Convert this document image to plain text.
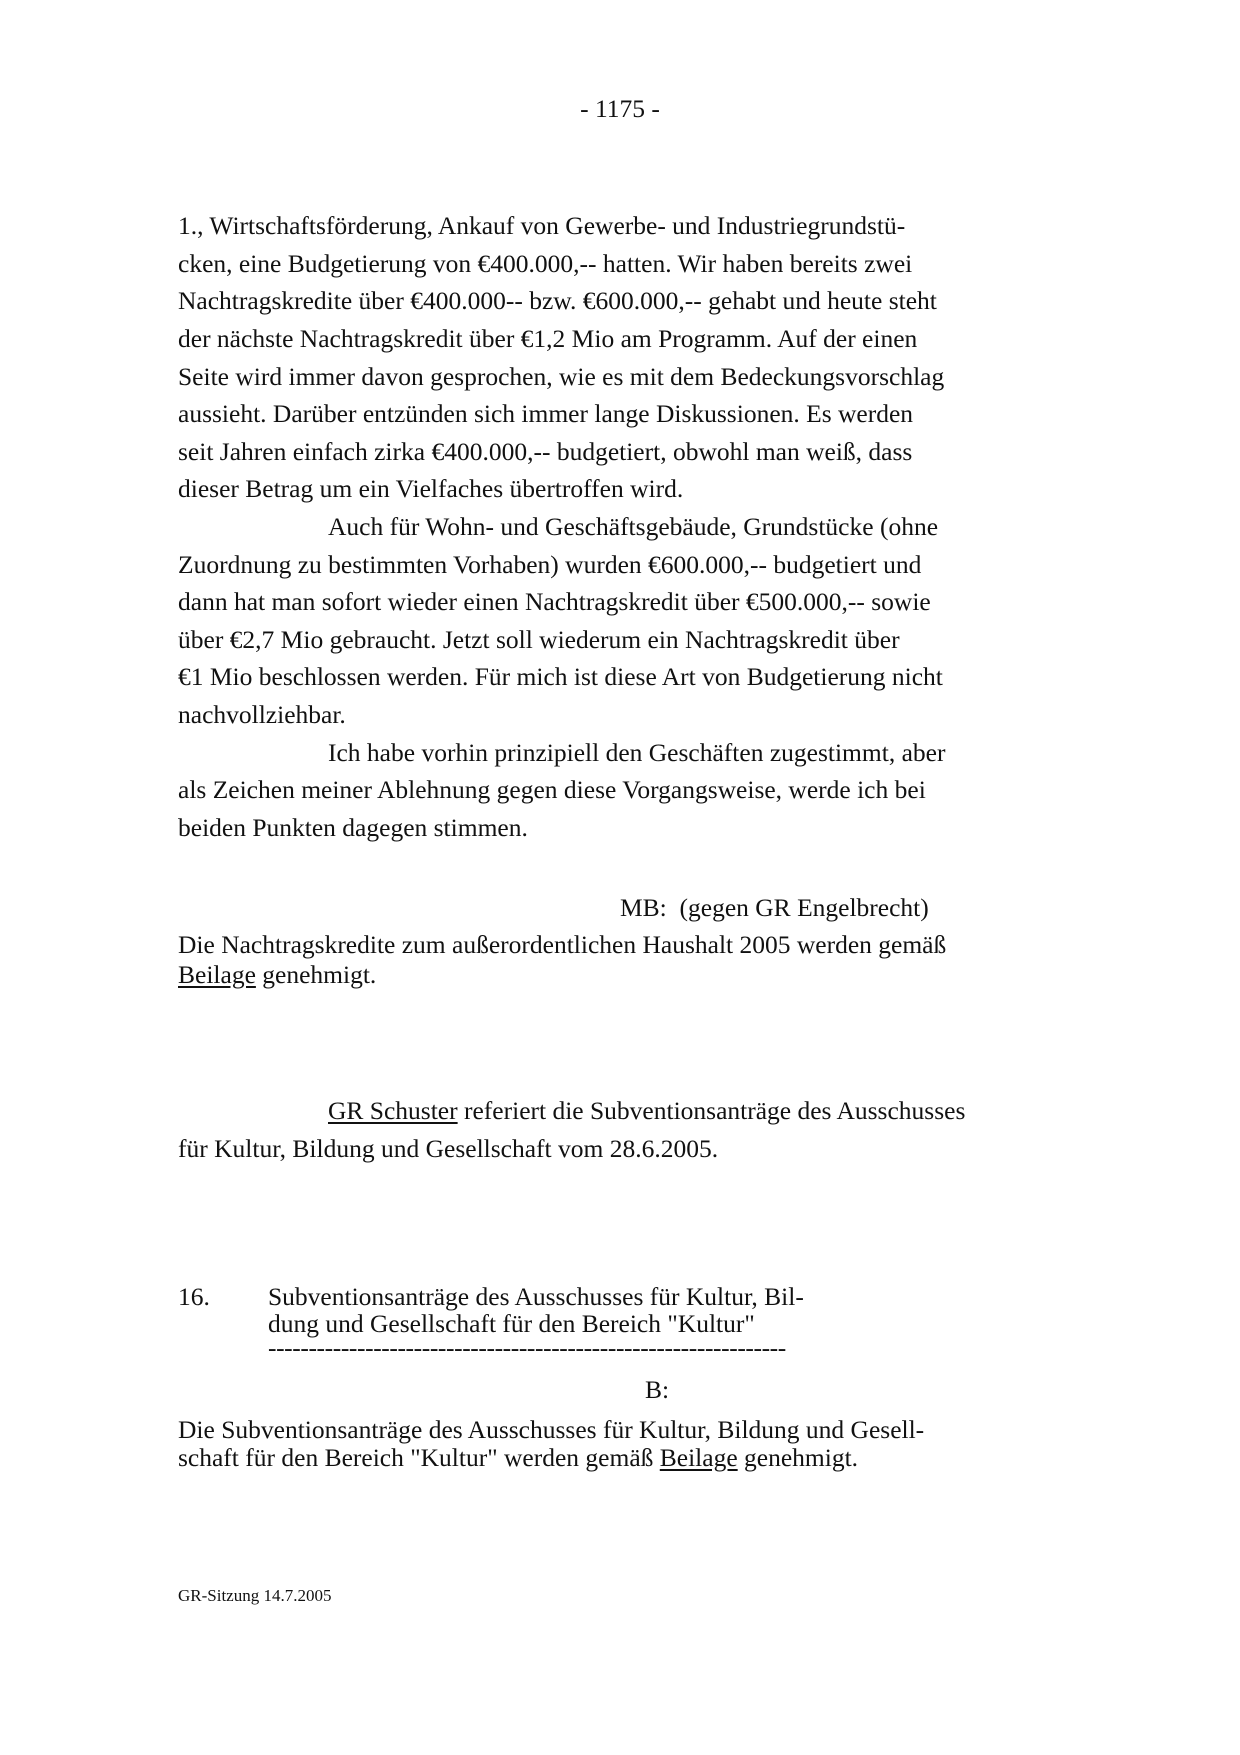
- 1175 -
1., Wirtschaftsförderung, Ankauf von Gewerbe- und Industriegrundstü-
cken, eine Budgetierung von €400.000,-- hatten. Wir haben bereits zwei
Nachtragskredite über €400.000-- bzw. €600.000,-- gehabt und heute steht
der nächste Nachtragskredit über €1,2 Mio am Programm. Auf der einen
Seite wird immer davon gesprochen, wie es mit dem Bedeckungsvorschlag
aussieht. Darüber entzünden sich immer lange Diskussionen. Es werden
seit Jahren einfach zirka €400.000,-- budgetiert, obwohl man weiß, dass
dieser Betrag um ein Vielfaches übertroffen wird.
Auch für Wohn- und Geschäftsgebäude, Grundstücke (ohne
Zuordnung zu bestimmten Vorhaben) wurden €600.000,-- budgetiert und
dann hat man sofort wieder einen Nachtragskredit über €500.000,-- sowie
über €2,7 Mio gebraucht. Jetzt soll wiederum ein Nachtragskredit über
€1 Mio beschlossen werden. Für mich ist diese Art von Budgetierung nicht
nachvollziehbar.
Ich habe vorhin prinzipiell den Geschäften zugestimmt, aber
als Zeichen meiner Ablehnung gegen diese Vorgangsweise, werde ich bei
beiden Punkten dagegen stimmen.
MB:  (gegen GR Engelbrecht)
Die Nachtragskredite zum außerordentlichen Haushalt 2005 werden gemäß
Beilage genehmigt.
GR Schuster referiert die Subventionsanträge des Ausschusses
für Kultur, Bildung und Gesellschaft vom 28.6.2005.
16. Subventionsanträge des Ausschusses für Kultur, Bil-
dung und Gesellschaft für den Bereich "Kultur"
----------------------------------------------------------------
B:
Die Subventionsanträge des Ausschusses für Kultur, Bildung und Gesell-
schaft für den Bereich "Kultur" werden gemäß Beilage genehmigt.
GR-Sitzung 14.7.2005
